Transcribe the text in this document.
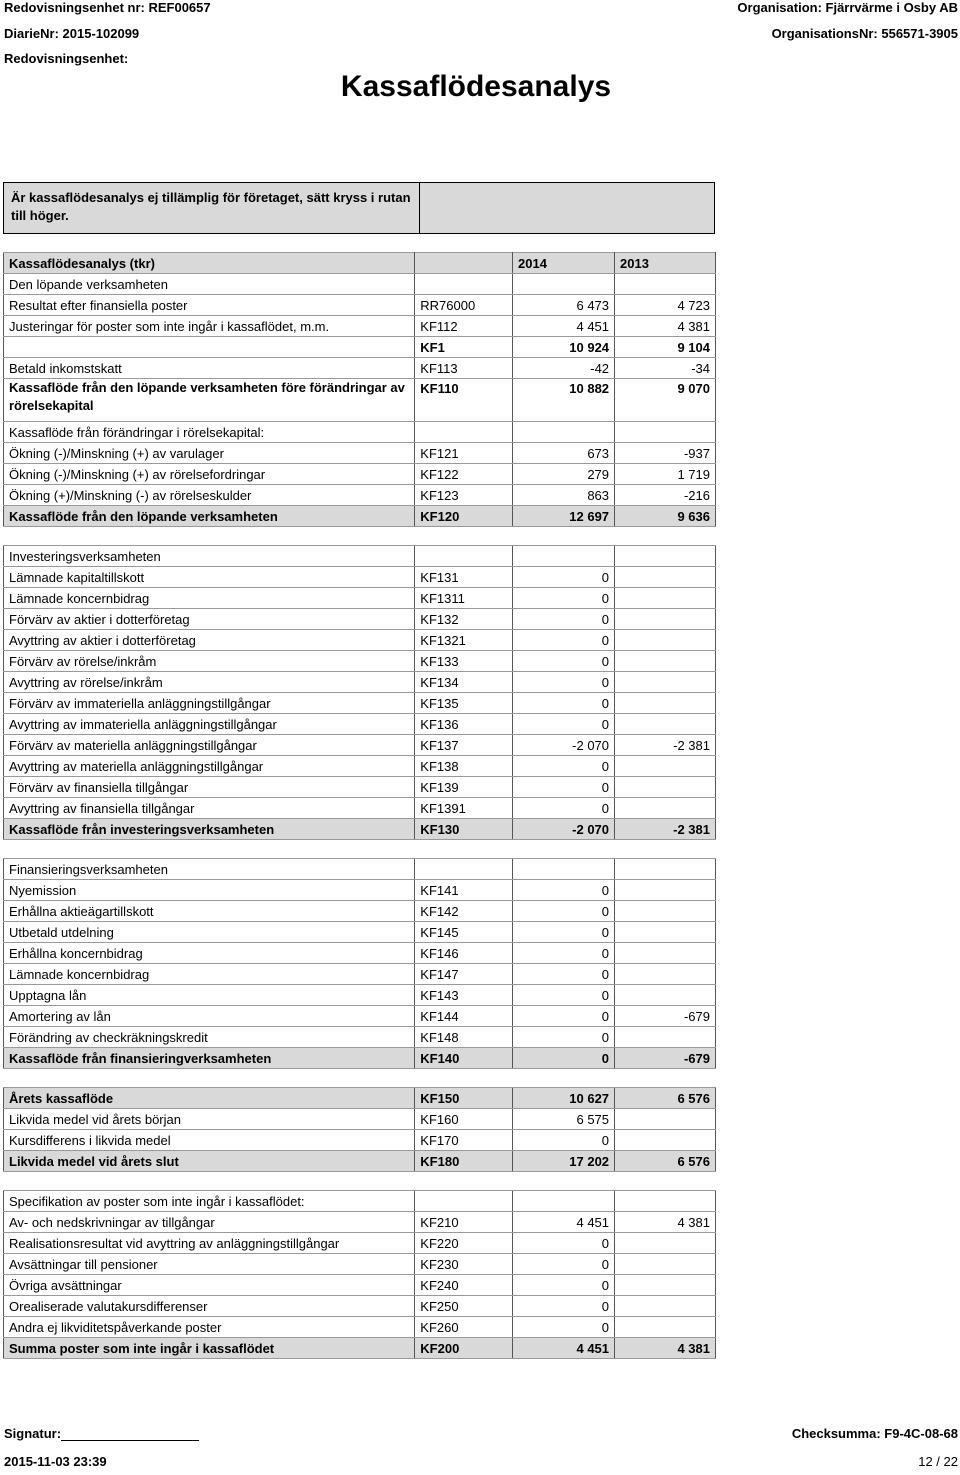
Redovisningsenhet nr: REF00657
DiarieNr: 2015-102099
Redovisningsenhet:
Organisation: Fjärrvärme i Osby AB
OrganisationsNr: 556571-3905
Kassaflödesanalys
Är kassaflödesanalys ej tillämplig för företaget, sätt kryss i rutan till höger.
Kassaflödesanalys (tkr)		2014	2013
Den löpande verksamheten			
Resultat efter finansiella poster	RR76000	6 473	4 723
Justeringar för poster som inte ingår i kassaflödet, m.m.	KF112	4 451	4 381
	KF1	10 924	9 104
Betald inkomstskatt	KF113	-42	-34
Kassaflöde från den löpande verksamheten före förändringar av rörelsekapital	KF110	10 882	9 070
Kassaflöde från förändringar i rörelsekapital:			
Ökning (-)/Minskning (+) av varulager	KF121	673	-937
Ökning (-)/Minskning (+) av rörelsefordringar	KF122	279	1 719
Ökning (+)/Minskning (-) av rörelseskulder	KF123	863	-216
Kassaflöde från den löpande verksamheten	KF120	12 697	9 636

Investeringsverksamheten			
Lämnade kapitaltillskott	KF131	0	
Lämnade koncernbidrag	KF1311	0	
Förvärv av aktier i dotterföretag	KF132	0	
Avyttring av aktier i dotterföretag	KF1321	0	
Förvärv av rörelse/inkråm	KF133	0	
Avyttring av rörelse/inkråm	KF134	0	
Förvärv av immateriella anläggningstillgångar	KF135	0	
Avyttring av immateriella anläggningstillgångar	KF136	0	
Förvärv av materiella anläggningstillgångar	KF137	-2 070	-2 381
Avyttring av materiella anläggningstillgångar	KF138	0	
Förvärv av finansiella tillgångar	KF139	0	
Avyttring av finansiella tillgångar	KF1391	0	
Kassaflöde från investeringsverksamheten	KF130	-2 070	-2 381

Finansieringsverksamheten			
Nyemission	KF141	0	
Erhållna aktieägartillskott	KF142	0	
Utbetald utdelning	KF145	0	
Erhållna koncernbidrag	KF146	0	
Lämnade koncernbidrag	KF147	0	
Upptagna lån	KF143	0	
Amortering av lån	KF144	0	-679
Förändring av checkräkningskredit	KF148	0	
Kassaflöde från finansieringverksamheten	KF140	0	-679

Årets kassaflöde	KF150	10 627	6 576
Likvida medel vid årets början	KF160	6 575	
Kursdifferens i likvida medel	KF170	0	
Likvida medel vid årets slut	KF180	17 202	6 576

Specifikation av poster som inte ingår i kassaflödet:			
Av- och nedskrivningar av tillgångar	KF210	4 451	4 381
Realisationsresultat vid avyttring av anläggningstillgångar	KF220	0	
Avsättningar till pensioner	KF230	0	
Övriga avsättningar	KF240	0	
Orealiserade valutakursdifferenser	KF250	0	
Andra ej likviditetspåverkande poster	KF260	0	
Summa poster som inte ingår i kassaflödet	KF200	4 451	4 381
Signatur:	Checksumma: F9-4C-08-68
2015-11-03 23:39	12 / 22
